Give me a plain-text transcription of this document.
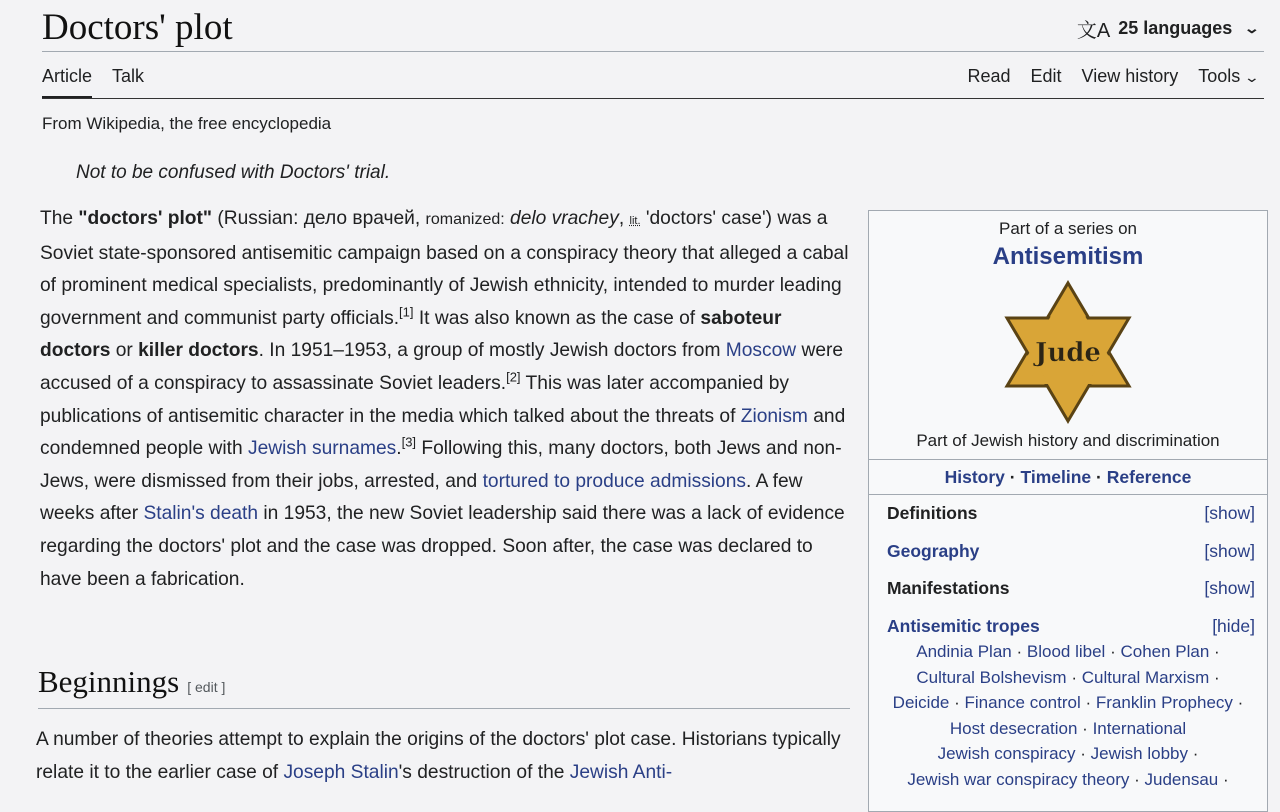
Doctors' plot	文A 25 languages ⌄
Article Talk	Read Edit View history Tools ⌄
From Wikipedia, the free encyclopedia
Not to be confused with Doctors' trial.

The "doctors' plot" (Russian: дело врачей, romanized: delo vrachey, lit. 'doctors' case') was a Soviet state-sponsored antisemitic campaign based on a conspiracy theory that alleged a cabal of prominent medical specialists, predominantly of Jewish ethnicity, intended to murder leading government and communist party officials.[1] It was also known as the case of saboteur doctors or killer doctors. In 1951–1953, a group of mostly Jewish doctors from Moscow were accused of a conspiracy to assassinate Soviet leaders.[2] This was later accompanied by publications of antisemitic character in the media which talked about the threats of Zionism and condemned people with Jewish surnames.[3] Following this, many doctors, both Jews and non-Jews, were dismissed from their jobs, arrested, and tortured to produce admissions. A few weeks after Stalin's death in 1953, the new Soviet leadership said there was a lack of evidence regarding the doctors' plot and the case was dropped. Soon after, the case was declared to have been a fabrication.

Beginnings [ edit ]
A number of theories attempt to explain the origins of the doctors' plot case. Historians typically relate it to the earlier case of Joseph Stalin's destruction of the Jewish Anti-
Part of a series on
Antisemitism
Jude
Part of Jewish history and discrimination
History · Timeline · Reference
Definitions	[show]
Geography	[show]
Manifestations	[show]
Antisemitic tropes	[hide]
Andinia Plan · Blood libel · Cohen Plan ·
Cultural Bolshevism · Cultural Marxism ·
Deicide · Finance control · Franklin Prophecy ·
Host desecration · International
Jewish conspiracy · Jewish lobby ·
Jewish war conspiracy theory · Judensau ·
